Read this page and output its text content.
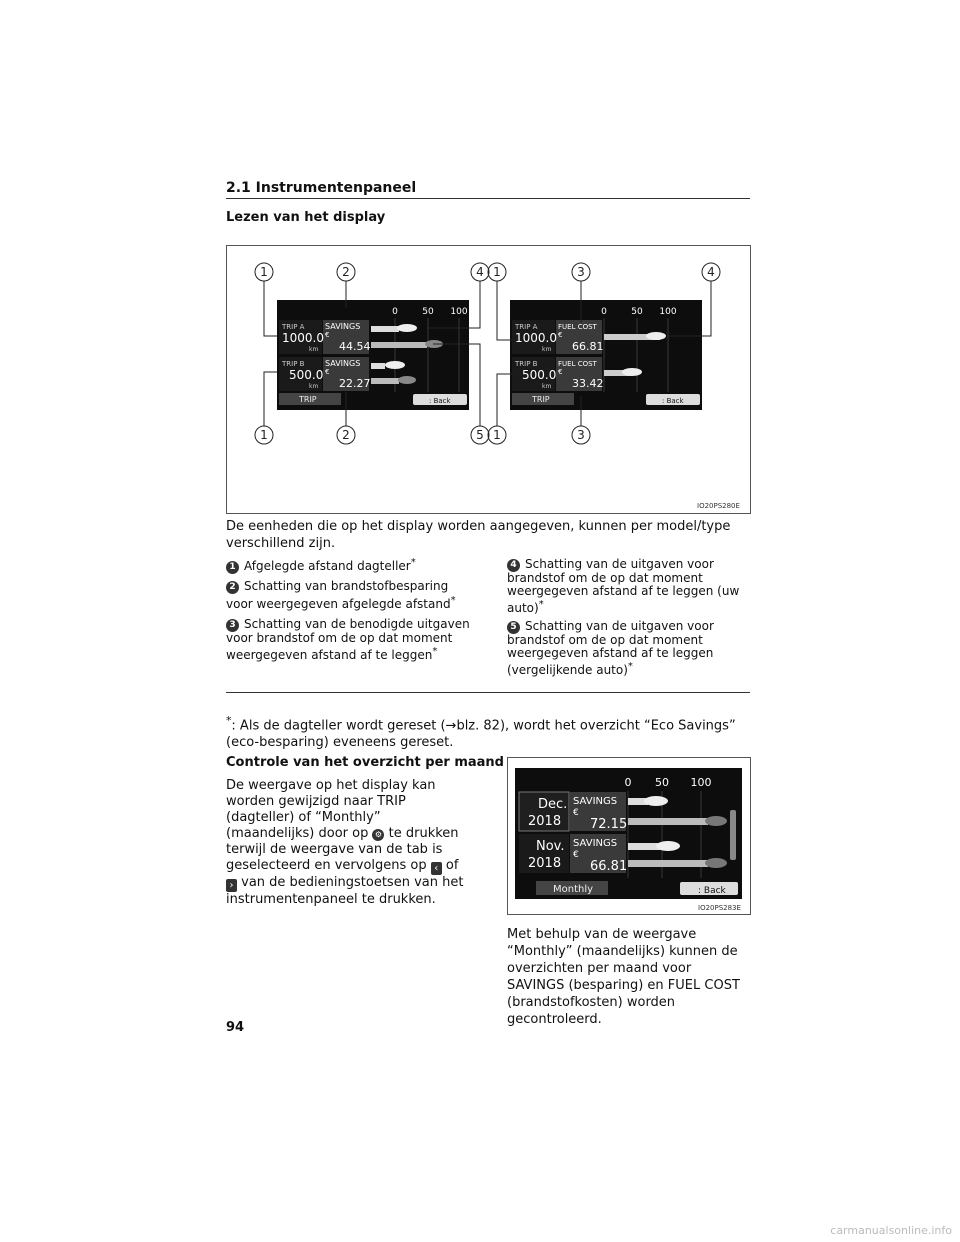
2.1 Instrumentenpaneel
Lezen van het display
0	50 100
TRIP A
1000.0
km
SAVINGS
€
44.54
TRIP B
500.0
km
SAVINGS
€
22.27
TRIP	: Back
0	50 100
TRIP A
1000.0
km
FUEL COST
€
66.81
TRIP B
500.0
km
FUEL COST
€
33.42
TRIP	: Back
1	2	4 1	3	4
1	2	5 1	3
IO20PS280E
De eenheden die op het display worden aangegeven, kunnen per model/type verschillend zijn.
1 Afgelegde afstand dagteller*
2 Schatting van brandstofbesparing voor weergegeven afgelegde afstand*
3 Schatting van de benodigde uitgaven voor brandstof om de op dat moment weergegeven afstand af te leggen*
4 Schatting van de uitgaven voor brandstof om de op dat moment weergegeven afstand af te leggen (uw auto)*
5 Schatting van de uitgaven voor brandstof om de op dat moment weergegeven afstand af te leggen (vergelijkende auto)*
*: Als de dagteller wordt gereset (→blz. 82), wordt het overzicht “Eco Savings” (eco-besparing) eveneens gereset.
Controle van het overzicht per maand
De weergave op het display kan worden gewijzigd naar TRIP (dagteller) of “Monthly” (maandelijks) door op ⚙ te drukken terwijl de weergave van de tab is geselecteerd en vervolgens op ‹ of › van de bedieningstoetsen van het instrumentenpaneel te drukken.
0 50 100
Dec.
2018
SAVINGS
€
72.15
Nov.
2018
SAVINGS
€
66.81
Monthly	: Back
IO20PS283E
Met behulp van de weergave “Monthly” (maandelijks) kunnen de overzichten per maand voor SAVINGS (besparing) en FUEL COST (brandstofkosten) worden gecontroleerd.
94
carmanualsonline.info
